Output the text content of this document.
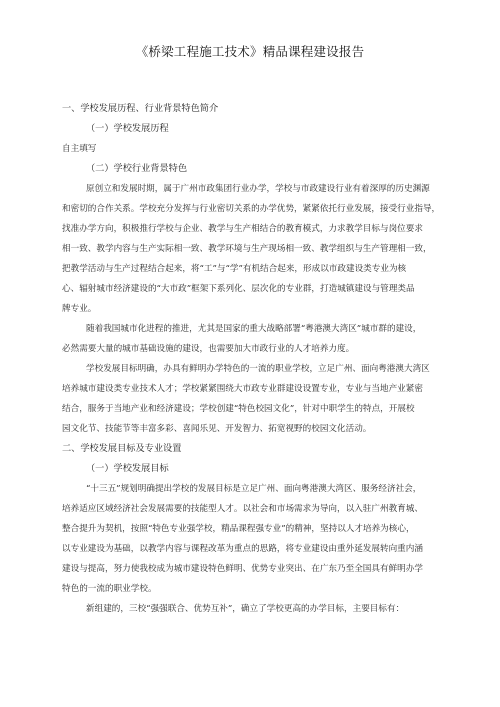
《桥梁工程施工技术》精品课程建设报告
一、学校发展历程、行业背景特色简介
（一）学校发展历程
自主填写
（二）学校行业背景特色
原创立和发展时期，属于广州市政集团行业办学，学校与市政建设行业有着深厚的历史渊源
和密切的合作关系。学校充分发挥与行业密切关系的办学优势，紧紧依托行业发展，接受行业指导，
找准办学方向，积极推行学校与企业、教学与生产相结合的教育模式，力求教学目标与岗位要求
相一致、教学内容与生产实际相一致、教学环境与生产现场相一致、教学组织与生产管理相一致，
把教学活动与生产过程结合起来，将“工”与“学”有机结合起来，形成以市政建设类专业为核
心、辐射城市经济建设的“大市政”框架下系列化、层次化的专业群，打造城镇建设与管理类品
牌专业。
随着我国城市化进程的推进，尤其是国家的重大战略部署“粤港澳大湾区”城市群的建设，
必然需要大量的城市基础设施的建设，也需要加大市政行业的人才培养力度。
学校发展目标明确，办具有鲜明办学特色的一流的职业学校，立足广州、面向粤港澳大湾区
培养城市建设类专业技术人才；学校紧紧围绕大市政专业群建设设置专业，专业与当地产业紧密
结合，服务于当地产业和经济建设；学校创建“特色校园文化”，针对中职学生的特点，开展校
园文化节、技能节等丰富多彩、喜闻乐见、开发智力、拓宽视野的校园文化活动。
二、学校发展目标及专业设置
（一）学校发展目标
“十三五”规划明确提出学校的发展目标是立足广州、面向粤港澳大湾区、服务经济社会，
培养适应区域经济社会发展需要的技能型人才。以社会和市场需求为导向，以入驻广州教育城、
整合提升为契机，按照“特色专业强学校，精品课程强专业”的精神，坚持以人才培养为核心，
以专业建设为基础，以教学内容与课程改革为重点的思路，将专业建设由重外延发展转向重内涵
建设与提高，努力使我校成为城市建设特色鲜明、优势专业突出、在广东乃至全国具有鲜明办学
特色的一流的职业学校。
新组建的，三校“强强联合、优势互补”，确立了学校更高的办学目标，主要目标有：
